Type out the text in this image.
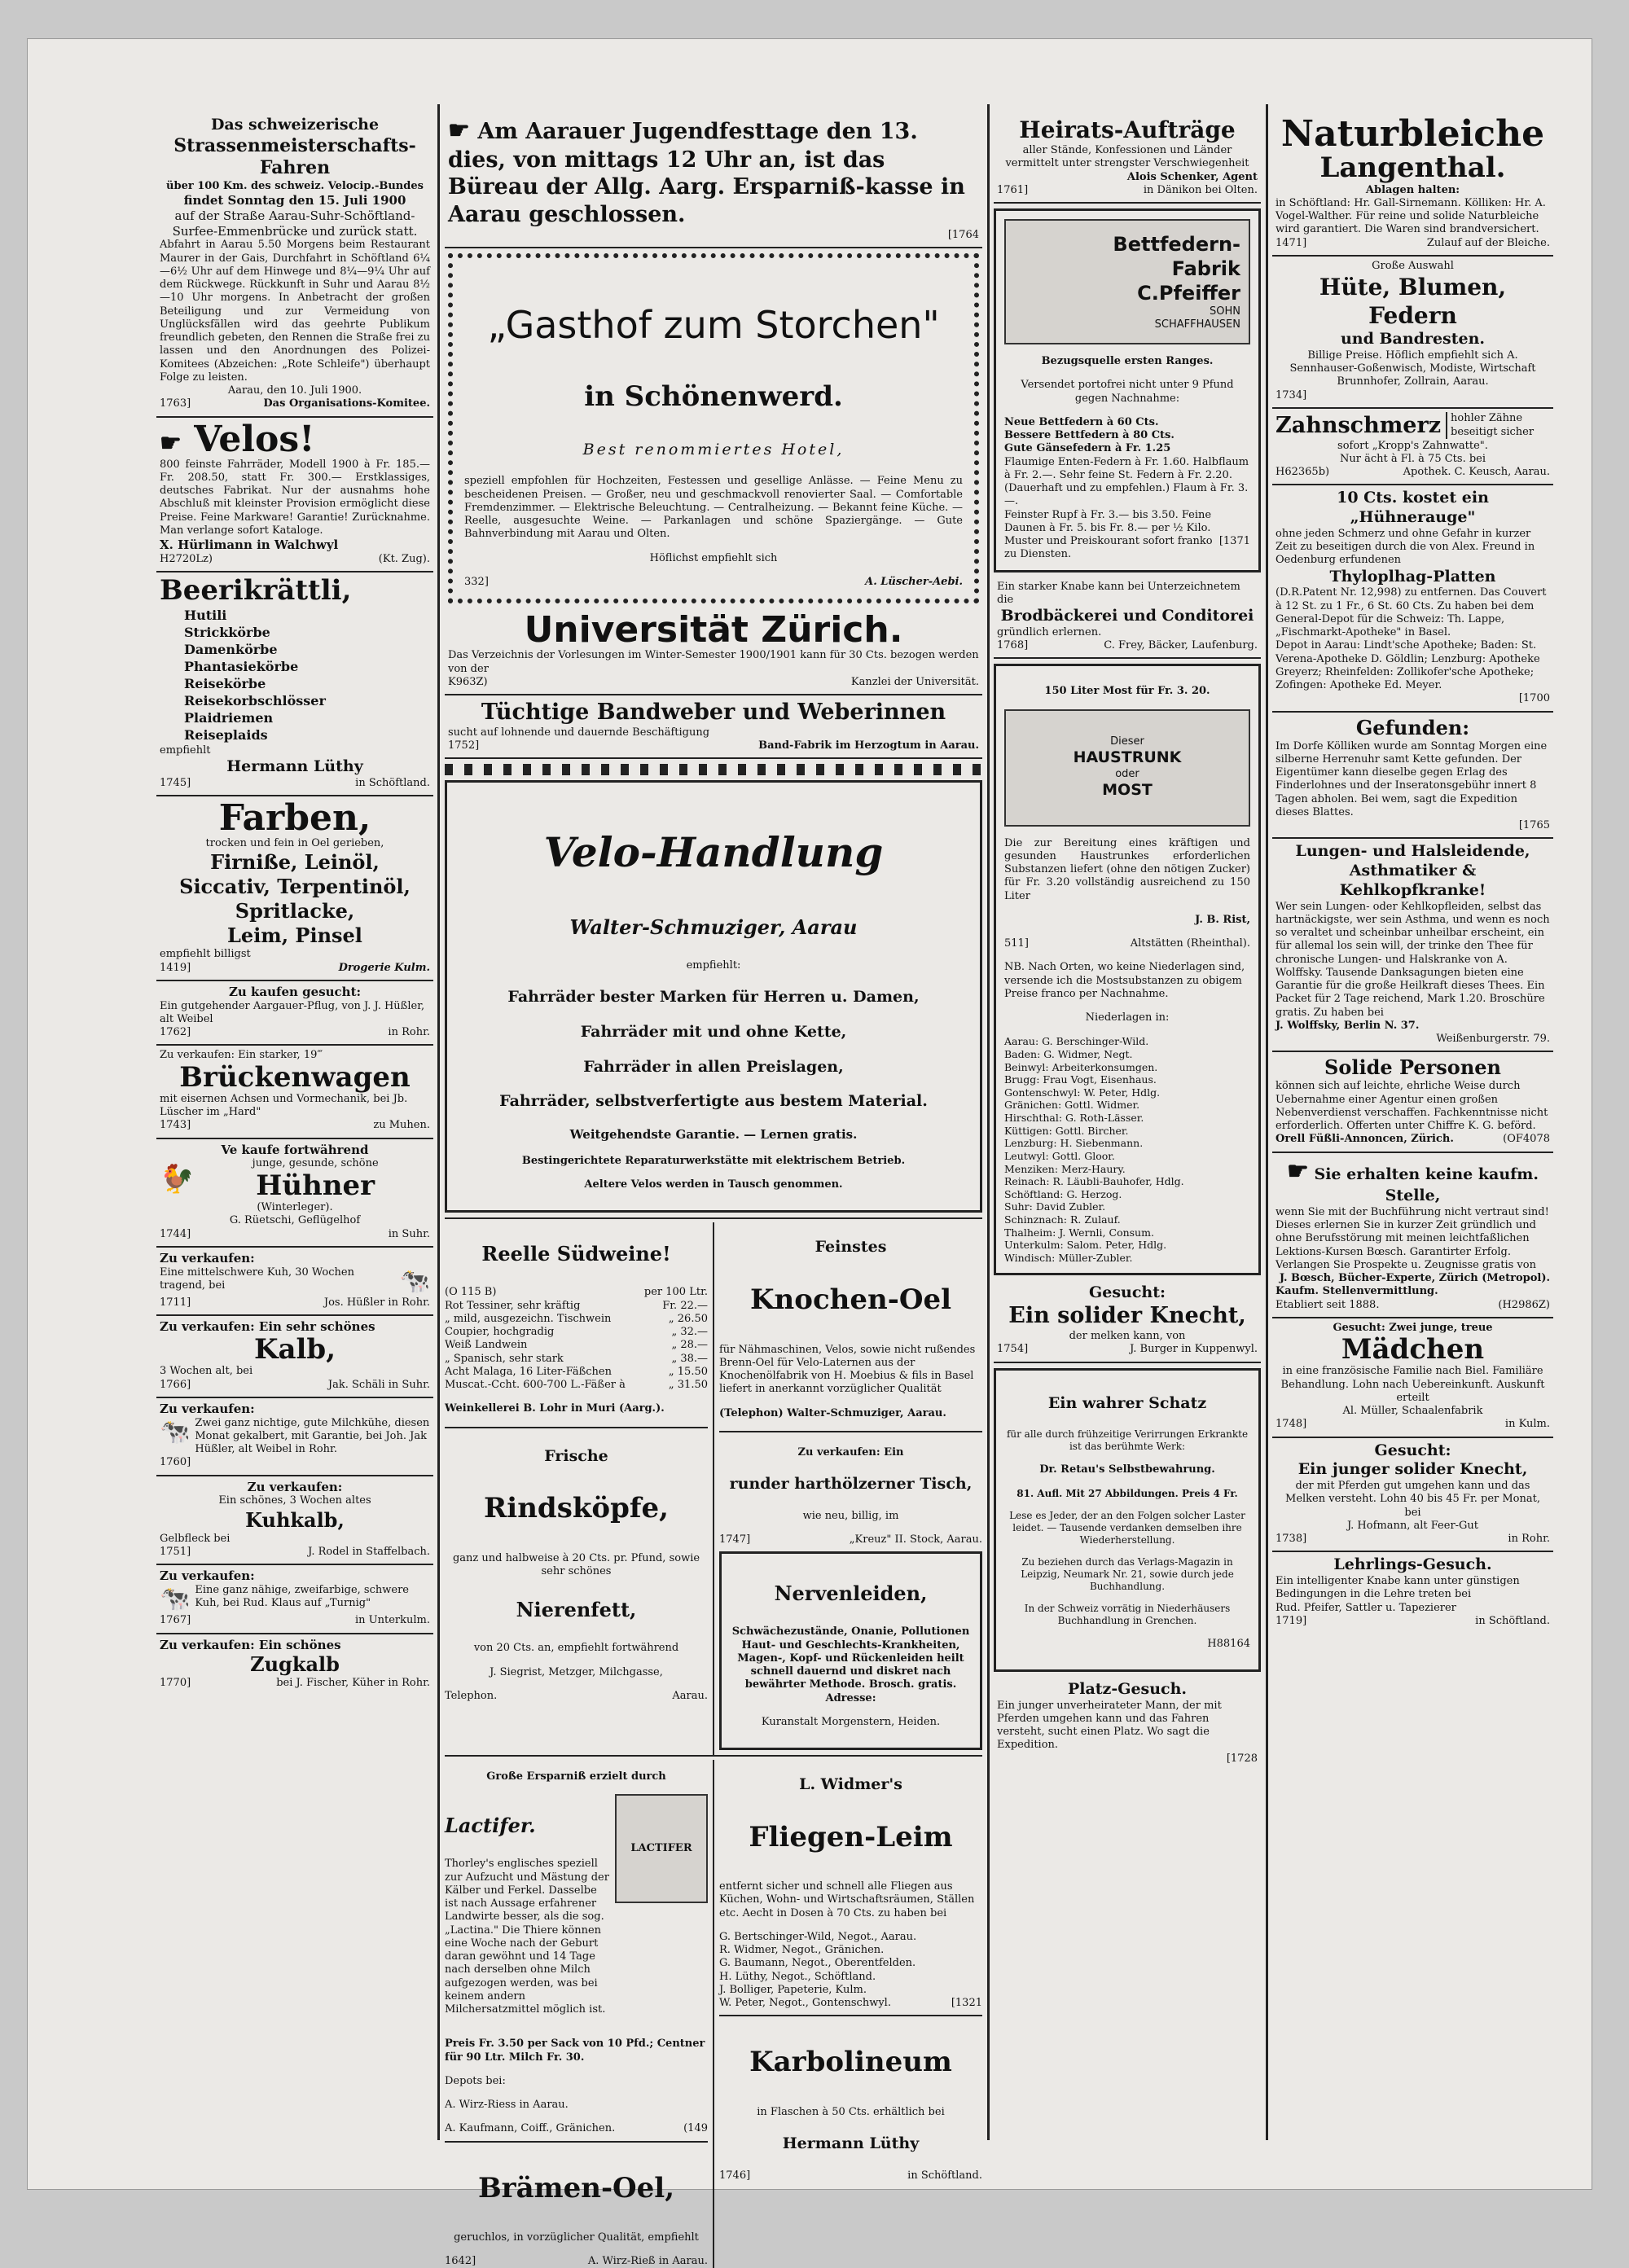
Das schweizerische

Strassenmeisterschafts-Fahren

über 100 Km. des schweiz. Velocip.-Bundes

findet Sonntag den 15. Juli 1900

auf der Straße Aarau-Suhr-Schöftland-Surfee-Emmenbrücke und zurück statt.

Abfahrt in Aarau 5.50 Morgens beim Restaurant Maurer in der Gais, Durchfahrt in Schöftland 6¼—6½ Uhr auf dem Hinwege und 8¼—9¼ Uhr auf dem Rückwege. Rückkunft in Suhr und Aarau 8½—10 Uhr morgens. In Anbetracht der großen Beteiligung und zur Vermeidung von Unglücksfällen wird das geehrte Publikum freundlich gebeten, den Rennen die Straße frei zu lassen und den Anordnungen des Polizei-Komitees (Abzeichen: „Rote Schleife") überhaupt Folge zu leisten.

Aarau, den 10. Juli 1900.

1763]	Das Organisations-Komitee.

☛ Velos!

800 feinste Fahrräder, Modell 1900 à Fr. 185.— Fr. 208.50, statt Fr. 300.— Erstklassiges, deutsches Fabrikat. Nur der ausnahms hohe Abschluß mit kleinster Provision ermöglicht diese Preise. Feine Markware! Garantie! Zurücknahme. Man verlange sofort Kataloge.

X. Hürlimann in Walchwyl

H2720Lz)	(Kt. Zug).

Beerikrättli,

Hutili
Strickkörbe
Damenkörbe
Phantasiekörbe
Reisekörbe
Reisekorbschlösser
Plaidriemen
Reiseplaids

empfiehlt

Hermann Lüthy

1745]	in Schöftland.

Farben,

trocken und fein in Oel gerieben,

Firniße, Leinöl,

Siccativ, Terpentinöl,

Spritlacke,

Leim, Pinsel

empfiehlt billigst

1419]	Drogerie Kulm.

Zu kaufen gesucht:

Ein gutgehender Aargauer-Pflug, von J. J. Hüßler, alt Weibel

1762]	in Rohr.

Zu verkaufen: Ein starker, 19‴

Brückenwagen

mit eisernen Achsen und Vormechanik, bei Jb. Lüscher im „Hard"

1743]	zu Muhen.

Ve kaufe fortwährend

🐓	junge, gesunde, schöne

Hühner

(Winterleger).

G. Rüetschi, Geflügelhof

1744]	in Suhr.

Zu verkaufen:

Eine mittelschwere Kuh, 30 Wochen tragend, bei	🐄
1711]	Jos. Hüßler in Rohr.

Zu verkaufen: Ein sehr schönes

Kalb,

3 Wochen alt, bei

1766]	Jak. Schäli in Suhr.

Zu verkaufen:

🐄 Zwei ganz nichtige, gute Milchkühe, diesen Monat gekalbert, mit Garantie, bei Joh. Jak Hüßler, alt Weibel in Rohr.

1760]

Zu verkaufen:

Ein schönes, 3 Wochen altes

Kuhkalb,

Gelbfleck bei

1751]	J. Rodel in Staffelbach.

Zu verkaufen:

🐄 Eine ganz nähige, zweifarbige, schwere Kuh, bei Rud. Klaus auf „Turnig"

1767]	in Unterkulm.

Zu verkaufen: Ein schönes

Zugkalb

1770]	bei J. Fischer, Küher in Rohr.

☛ Am Aarauer Jugendfesttage den 13. dies, von mittags 12 Uhr an, ist das Büreau der Allg. Aarg. Ersparniß-kasse in Aarau geschlossen.

[1764

„Gasthof zum Storchen"

in Schönenwerd.

Best renommiertes Hotel,

speziell empfohlen für Hochzeiten, Festessen und gesellige Anlässe. — Feine Menu zu bescheidenen Preisen. — Großer, neu und geschmackvoll renovierter Saal. — Comfortable Fremdenzimmer. — Elektrische Beleuchtung. — Centralheizung. — Bekannt feine Küche. — Reelle, ausgesuchte Weine. — Parkanlagen und schöne Spaziergänge. — Gute Bahnverbindung mit Aarau und Olten.

Höflichst empfiehlt sich

332]	A. Lüscher-Aebi.

Universität Zürich.

Das Verzeichnis der Vorlesungen im Winter-Semester 1900/1901 kann für 30 Cts. bezogen werden von der

K963Z)	Kanzlei der Universität.

Tüchtige Bandweber und Weberinnen

sucht auf lohnende und dauernde Beschäftigung

1752]	Band-Fabrik im Herzogtum in Aarau.

Velo-Handlung

Walter-Schmuziger, Aarau

empfiehlt:

Fahrräder bester Marken für Herren u. Damen,

Fahrräder mit und ohne Kette,

Fahrräder in allen Preislagen,

Fahrräder, selbstverfertigte aus bestem Material.

Weitgehendste Garantie. — Lernen gratis.

Bestingerichtete Reparaturwerkstätte mit elektrischem Betrieb.

Aeltere Velos werden in Tausch genommen.

Reelle Südweine!

(O 115 B)	per 100 Ltr.
Rot Tessiner, sehr kräftig	Fr. 22.—
„ mild, ausgezeichn. Tischwein	„ 26.50
Coupier, hochgradig	„ 32.—
Weiß Landwein	„ 28.—
„ Spanisch, sehr stark	„ 38.—
Acht Malaga, 16 Liter-Fäßchen	„ 15.50
Muscat.-Ccht. 600-700 L.-Fäßer à	„ 31.50

Weinkellerei B. Lohr in Muri (Aarg.).

Frische

Rindsköpfe,

ganz und halbweise à 20 Cts. pr. Pfund, sowie sehr schönes

Nierenfett,

von 20 Cts. an, empfiehlt fortwährend

J. Siegrist, Metzger, Milchgasse,

Telephon.	Aarau.

Feinstes

Knochen-Oel

für Nähmaschinen, Velos, sowie nicht rußendes Brenn-Oel für Velo-Laternen aus der Knochenölfabrik von H. Moebius & fils in Basel liefert in anerkannt vorzüglicher Qualität

(Telephon) Walter-Schmuziger, Aarau.

Zu verkaufen: Ein

runder harthölzerner Tisch,

wie neu, billig, im

1747]	„Kreuz" II. Stock, Aarau.

Nervenleiden,

Schwächezustände, Onanie, Pollutionen Haut- und Geschlechts-Krankheiten, Magen-, Kopf- und Rückenleiden heilt schnell dauernd und diskret nach bewährter Methode. Brosch. gratis. Adresse:

Kuranstalt Morgenstern, Heiden.

Große Ersparniß erzielt durch

Lactifer.

Thorley's englisches speziell zur Aufzucht und Mästung der Kälber und Ferkel. Dasselbe ist nach Aussage erfahrener Landwirte besser, als die sog. „Lactina." Die Thiere können eine Woche nach der Geburt daran gewöhnt und 14 Tage nach derselben ohne Milch aufgezogen werden, was bei keinem andern Milchersatzmittel möglich ist.

LACTIFER

Preis Fr. 3.50 per Sack von 10 Pfd.; Centner für 90 Ltr. Milch Fr. 30.

Depots bei:

A. Wirz-Riess in Aarau.

A. Kaufmann, Coiff., Gränichen.	(149

Brämen-Oel,

geruchlos, in vorzüglicher Qualität, empfiehlt

1642]	A. Wirz-Rieß in Aarau.

L. Widmer's

Fliegen-Leim

entfernt sicher und schnell alle Fliegen aus Küchen, Wohn- und Wirtschaftsräumen, Ställen etc. Aecht in Dosen à 70 Cts. zu haben bei

G. Bertschinger-Wild, Negot., Aarau.
R. Widmer, Negot., Gränichen.
G. Baumann, Negot., Oberentfelden.
H. Lüthy, Negot., Schöftland.
J. Bolliger, Papeterie, Kulm.
W. Peter, Negot., Gontenschwyl.	[1321

Karbolineum

in Flaschen à 50 Cts. erhältlich bei

Hermann Lüthy

1746]	in Schöftland.

Heirats-Aufträge

aller Stände, Konfessionen und Länder vermittelt unter strengster Verschwiegenheit

Alois Schenker, Agent

1761]	in Dänikon bei Olten.
Bettfedern-
Fabrik
C.Pfeiffer
SOHN
SCHAFFHAUSEN

Bezugsquelle ersten Ranges.

Versendet portofrei nicht unter 9 Pfund gegen Nachnahme:

Neue Bettfedern à 60 Cts.
Bessere Bettfedern à 80 Cts.
Gute Gänsefedern à Fr. 1.25
Flaumige Enten-Federn à Fr. 1.60. Halbflaum à Fr. 2.—. Sehr feine St. Federn à Fr. 2.20. (Dauerhaft und zu empfehlen.) Flaum à Fr. 3.—.
Feinster Rupf à Fr. 3.— bis 3.50. Feine Daunen à Fr. 5. bis Fr. 8.— per ½ Kilo.
Muster und Preiskourant sofort franko zu Diensten.
[1371

Ein starker Knabe kann bei Unterzeichnetem die

Brodbäckerei und Conditorei

gründlich erlernen.

1768]	C. Frey, Bäcker, Laufenburg.

150 Liter Most für Fr. 3. 20.

Dieser
HAUSTRUNK
oder
MOST

Die zur Bereitung eines kräftigen und gesunden Haustrunkes erforderlichen Substanzen liefert (ohne den nötigen Zucker) für Fr. 3.20 vollständig ausreichend zu 150 Liter

J. B. Rist,

511]	Altstätten (Rheinthal).

NB. Nach Orten, wo keine Niederlagen sind, versende ich die Mostsubstanzen zu obigem Preise franco per Nachnahme.

Niederlagen in:

Aarau: G. Berschinger-Wild.
Baden: G. Widmer, Negt.
Beinwyl: Arbeiterkonsumgen.
Brugg: Frau Vogt, Eisenhaus.
Gontenschwyl: W. Peter, Hdlg.
Gränichen: Gottl. Widmer.
Hirschthal: G. Roth-Lässer.
Küttigen: Gottl. Bircher.
Lenzburg: H. Siebenmann.
Leutwyl: Gottl. Gloor.
Menziken: Merz-Haury.
Reinach: R. Läubli-Bauhofer, Hdlg.
Schöftland: G. Herzog.
Suhr: David Zubler.
Schinznach: R. Zulauf.
Thalheim: J. Wernli, Consum.
Unterkulm: Salom. Peter, Hdlg.
Windisch: Müller-Zubler.

Gesucht:

Ein solider Knecht,

der melken kann, von

1754]	J. Burger in Kuppenwyl.

Ein wahrer Schatz

für alle durch frühzeitige Verirrungen Erkrankte ist das berühmte Werk:

Dr. Retau's Selbstbewahrung.

81. Aufl. Mit 27 Abbildungen. Preis 4 Fr.

Lese es Jeder, der an den Folgen solcher Laster leidet. — Tausende verdanken demselben ihre Wiederherstellung.

Zu beziehen durch das Verlags-Magazin in Leipzig, Neumark Nr. 21, sowie durch jede Buchhandlung.

In der Schweiz vorrätig in Niederhäusers Buchhandlung in Grenchen.

H88164

Platz-Gesuch.

Ein junger unverheirateter Mann, der mit Pferden umgehen kann und das Fahren versteht, sucht einen Platz. Wo sagt die Expedition.

[1728

Naturbleiche

Langenthal.

Ablagen halten:

in Schöftland: Hr. Gall-Sirnemann. Kölliken: Hr. A. Vogel-Walther. Für reine und solide Naturbleiche wird garantiert. Die Waren sind brandversichert.

1471]	Zulauf auf der Bleiche.

Große Auswahl

Hüte, Blumen, Federn

und Bandresten.

Billige Preise. Höflich empfiehlt sich A. Sennhauser-Goßenwisch, Modiste, Wirtschaft Brunnhofer, Zollrain, Aarau.

1734]

Zahnschmerz hohler Zähne
beseitigt sicher

sofort „Kropp's Zahnwatte".

Nur ächt à Fl. à 75 Cts. bei

H62365b)	Apothek. C. Keusch, Aarau.

10 Cts. kostet ein „Hühnerauge"

ohne jeden Schmerz und ohne Gefahr in kurzer Zeit zu beseitigen durch die von Alex. Freund in Oedenburg erfundenen

Thyloplhag-Platten

(D.R.Patent Nr. 12,998) zu entfernen. Das Couvert à 12 St. zu 1 Fr., 6 St. 60 Cts. Zu haben bei dem General-Depot für die Schweiz: Th. Lappe, „Fischmarkt-Apotheke" in Basel.

Depot in Aarau: Lindt'sche Apotheke; Baden: St. Verena-Apotheke D. Göldlin; Lenzburg: Apotheke Greyerz; Rheinfelden: Zollikofer'sche Apotheke; Zofingen: Apotheke Ed. Meyer.

[1700

Gefunden:

Im Dorfe Kölliken wurde am Sonntag Morgen eine silberne Herrenuhr samt Kette gefunden. Der Eigentümer kann dieselbe gegen Erlag des Finderlohnes und der Inseratonsgebühr innert 8 Tagen abholen. Bei wem, sagt die Expedition dieses Blattes.

[1765

Lungen- und Halsleidende, Asthmatiker & Kehlkopfkranke!

Wer sein Lungen- oder Kehlkopfleiden, selbst das hartnäckigste, wer sein Asthma, und wenn es noch so veraltet und scheinbar unheilbar erscheint, ein für allemal los sein will, der trinke den Thee für chronische Lungen- und Halskranke von A. Wolffsky. Tausende Danksagungen bieten eine Garantie für die große Heilkraft dieses Thees. Ein Packet für 2 Tage reichend, Mark 1.20. Broschüre gratis. Zu haben bei

J. Wolffsky, Berlin N. 37.

Weißenburgerstr. 79.

Solide Personen

können sich auf leichte, ehrliche Weise durch Uebernahme einer Agentur einen großen Nebenverdienst verschaffen. Fachkenntnisse nicht erforderlich. Offerten unter Chiffre K. G. beförd.

Orell Füßli-Annoncen, Zürich.	(OF4078

☛ Sie erhalten keine kaufm. Stelle,

wenn Sie mit der Buchführung nicht vertraut sind! Dieses erlernen Sie in kurzer Zeit gründlich und ohne Berufsstörung mit meinen leichtfaßlichen Lektions-Kursen Bœsch. Garantirter Erfolg. Verlangen Sie Prospekte u. Zeugnisse gratis von

J. Bœsch, Bücher-Experte, Zürich (Metropol).

Kaufm. Stellenvermittlung.

Etabliert seit 1888.	(H2986Z)

Gesucht: Zwei junge, treue

Mädchen

in eine französische Familie nach Biel. Familiäre Behandlung. Lohn nach Uebereinkunft. Auskunft erteilt

Al. Müller, Schaalenfabrik

1748]	in Kulm.

Gesucht:

Ein junger solider Knecht,

der mit Pferden gut umgehen kann und das Melken versteht. Lohn 40 bis 45 Fr. per Monat, bei

J. Hofmann, alt Feer-Gut

1738]	in Rohr.

Lehrlings-Gesuch.

Ein intelligenter Knabe kann unter günstigen Bedingungen in die Lehre treten bei

Rud. Pfeifer, Sattler u. Tapezierer

1719]	in Schöftland.
